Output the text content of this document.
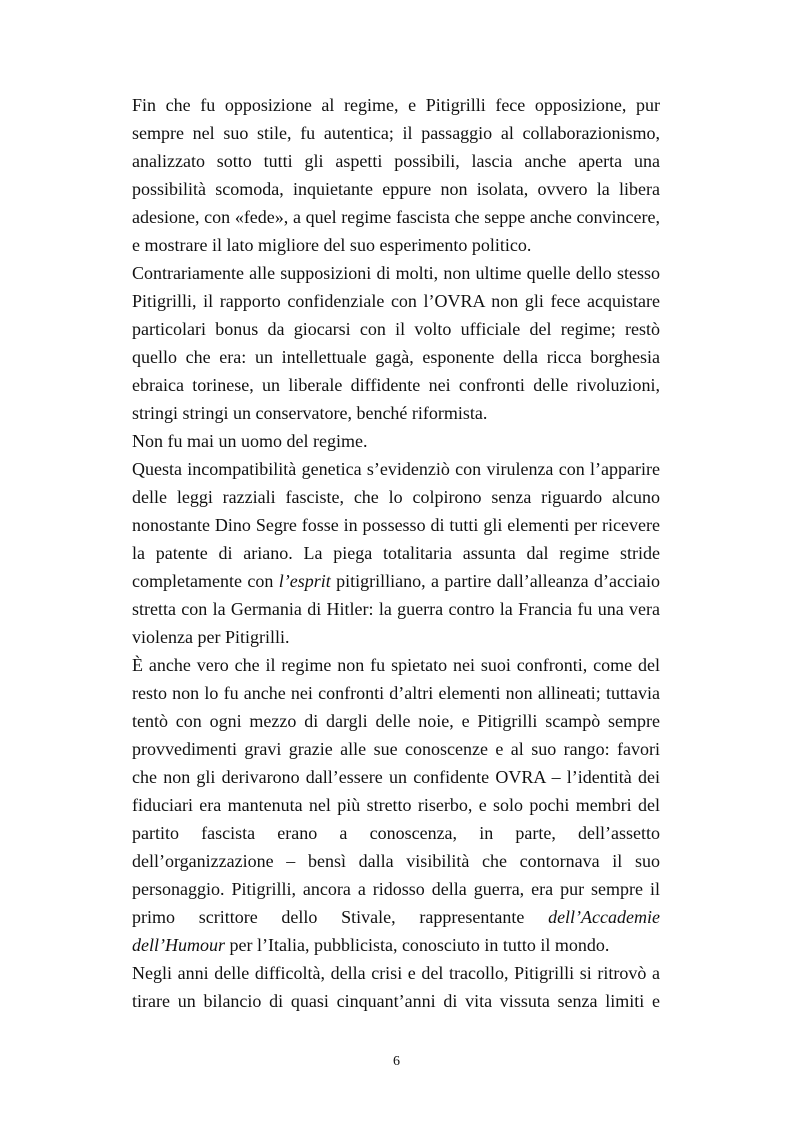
Fin che fu opposizione al regime, e Pitigrilli fece opposizione, pur sempre nel suo stile, fu autentica; il passaggio al collaborazionismo, analizzato sotto tutti gli aspetti possibili, lascia anche aperta una possibilità scomoda, inquietante eppure non isolata, ovvero la libera adesione, con «fede», a quel regime fascista che seppe anche convincere, e mostrare il lato migliore del suo esperimento politico.

Contrariamente alle supposizioni di molti, non ultime quelle dello stesso Pitigrilli, il rapporto confidenziale con l’OVRA non gli fece acquistare particolari bonus da giocarsi con il volto ufficiale del regime; restò quello che era: un intellettuale gagà, esponente della ricca borghesia ebraica torinese, un liberale diffidente nei confronti delle rivoluzioni, stringi stringi un conservatore, benché riformista.

Non fu mai un uomo del regime.

Questa incompatibilità genetica s’evidenziò con virulenza con l’apparire delle leggi razziali fasciste, che lo colpirono senza riguardo alcuno nonostante Dino Segre fosse in possesso di tutti gli elementi per ricevere la patente di ariano. La piega totalitaria assunta dal regime stride completamente con l’esprit pitigrilliano, a partire dall’alleanza d’acciaio stretta con la Germania di Hitler: la guerra contro la Francia fu una vera violenza per Pitigrilli.

È anche vero che il regime non fu spietato nei suoi confronti, come del resto non lo fu anche nei confronti d’altri elementi non allineati; tuttavia tentò con ogni mezzo di dargli delle noie, e Pitigrilli scampò sempre provvedimenti gravi grazie alle sue conoscenze e al suo rango: favori che non gli derivarono dall’essere un confidente OVRA – l’identità dei fiduciari era mantenuta nel più stretto riserbo, e solo pochi membri del partito fascista erano a conoscenza, in parte, dell’assetto dell’organizzazione – bensì dalla visibilità che contornava il suo personaggio. Pitigrilli, ancora a ridosso della guerra, era pur sempre il primo scrittore dello Stivale, rappresentante dell’Accademie dell’Humour per l’Italia, pubblicista, conosciuto in tutto il mondo.

Negli anni delle difficoltà, della crisi e del tracollo, Pitigrilli si ritrovò a tirare un bilancio di quasi cinquant’anni di vita vissuta senza limiti e

6
